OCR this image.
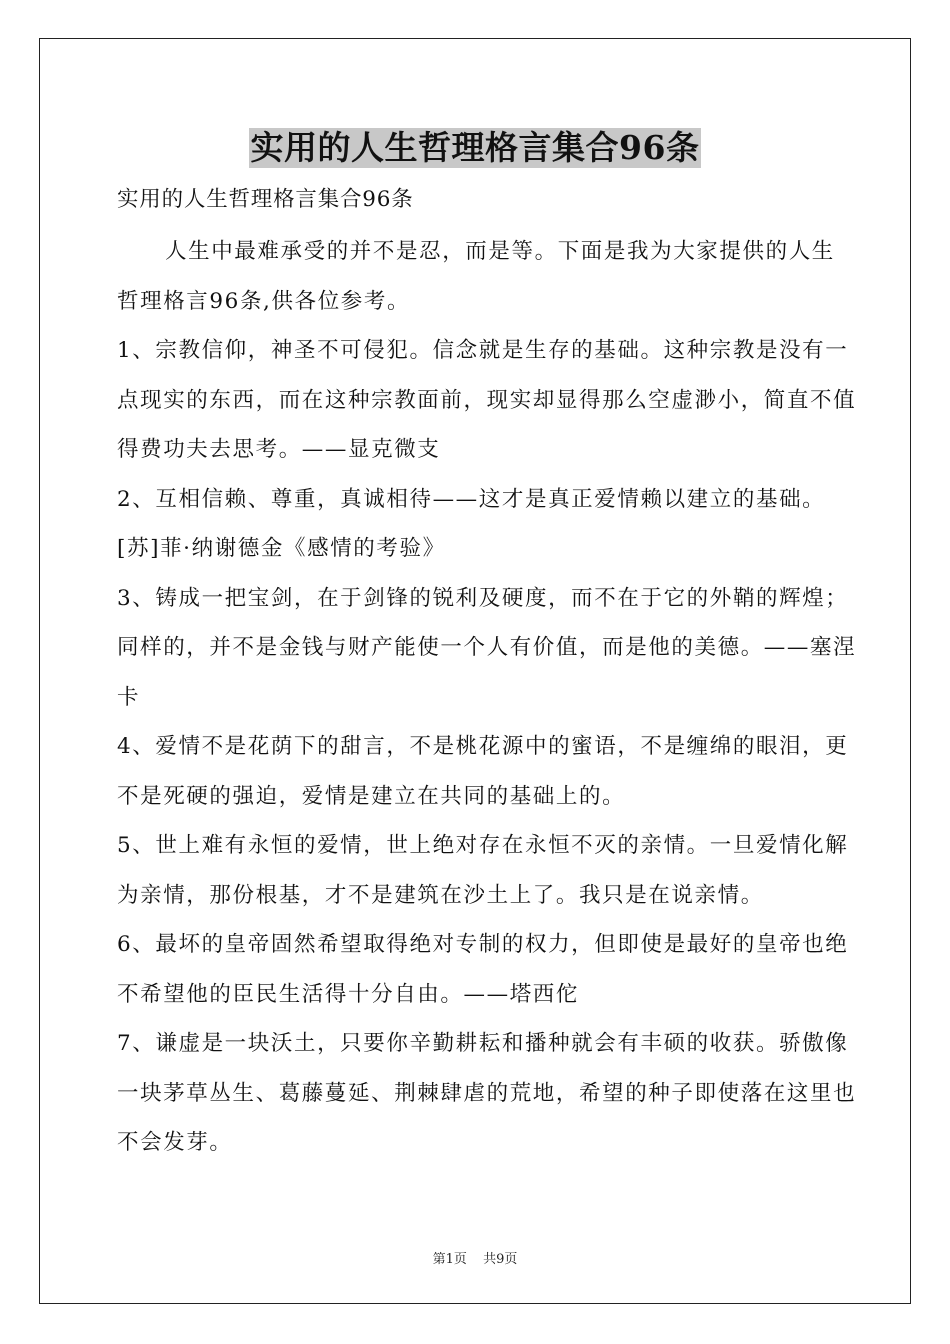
实用的人生哲理格言集合96条

实用的人生哲理格言集合96条

人生中最难承受的并不是忍，而是等。下面是我为大家提供的人生哲理格言96条,供各位参考。

1、宗教信仰，神圣不可侵犯。信念就是生存的基础。这种宗教是没有一点现实的东西，而在这种宗教面前，现实却显得那么空虚渺小，简直不值得费功夫去思考。——显克微支

2、互相信赖、尊重，真诚相待——这才是真正爱情赖以建立的基础。[苏]菲·纳谢德金《感情的考验》

3、铸成一把宝剑，在于剑锋的锐利及硬度，而不在于它的外鞘的辉煌；同样的，并不是金钱与财产能使一个人有价值，而是他的美德。——塞涅卡

4、爱情不是花荫下的甜言，不是桃花源中的蜜语，不是缠绵的眼泪，更不是死硬的强迫，爱情是建立在共同的基础上的。

5、世上难有永恒的爱情，世上绝对存在永恒不灭的亲情。一旦爱情化解为亲情，那份根基，才不是建筑在沙土上了。我只是在说亲情。

6、最坏的皇帝固然希望取得绝对专制的权力，但即使是最好的皇帝也绝不希望他的臣民生活得十分自由。——塔西佗

7、谦虚是一块沃土，只要你辛勤耕耘和播种就会有丰硕的收获。骄傲像一块茅草丛生、葛藤蔓延、荆棘肆虐的荒地，希望的种子即使落在这里也不会发芽。

第1页 共9页
